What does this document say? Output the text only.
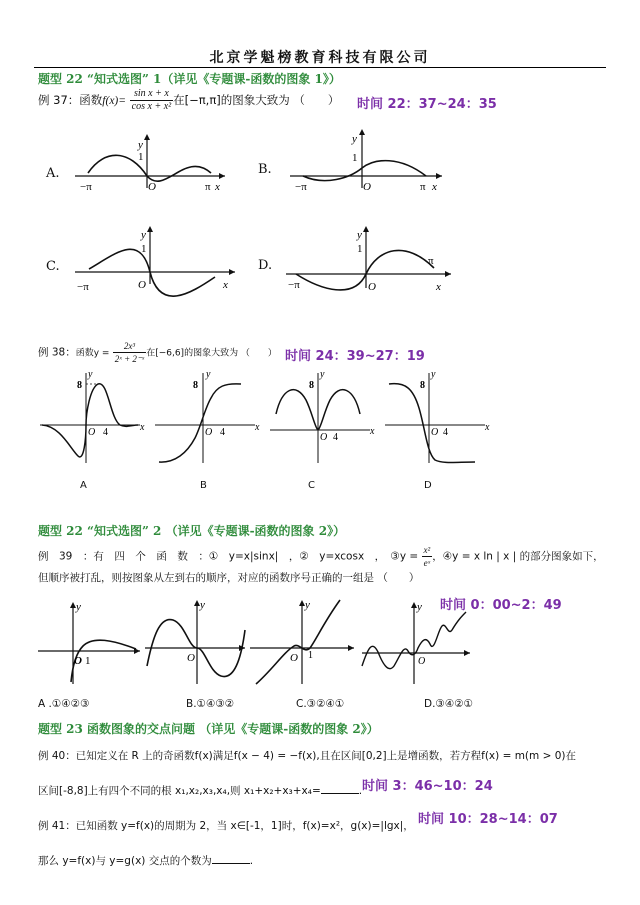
北京学魁榜教育科技有限公司
题型 22 “知式选图” 1（详见《专题课-函数的图象 1》）
例 37：函数$f(x)= \frac{\text{sin x + x}}{\text{cos x + x²}}$ 在[−π,π]的图象大致为 （　　） 时间 22：37~24：35
A.
y
1
−π	O	π x
B.
y
1
−π	O	π x
C.
y
1
−π	O	x
D.
y
1
−π	O
π
x
例 38：函数$y = \frac{\text{2x³}}{\text{2ˣ + 2⁻ˣ}}$ 在[−6,6]的图象大致为 （　　） 时间 24：39~27：19
y
8
O 4	x
A
y
8
O 4	x
B
y
8
O 4
x
C
y
8
O 4	x
D
题型 22 “知式选图” 2 （详见《专题课-函数的图象 2》）
例　39　：有　四　个　函　数　：①　y=x|sinx|　，②　y=xcosx　，　③y = $\frac{\text{x²}}{\text{eˣ}}$ ，④y = x ln | x | 的部分图象如下，
但顺序被打乱，则按图象从左到右的顺序，对应的函数序号正确的一组是 （　　）
时间 0：00~2：49
y
O 1
y
O
y
O 1
y
O
A .①④②③	B.①④③②	C.③②④①	D.③④②①
题型 23 函数图象的交点问题 （详见《专题课-函数的图象 2》）
例 40：已知定义在 R 上的奇函数f(x)满足f(x − 4) = −f(x),且在区间[0,2]上是增函数，若方程f(x) = m(m > 0)在
区间[-8,8]上有四个不同的根 x₁,x₂,x₃,x₄,则 x₁+x₂+x₃+x₄=	. 时间 3：46~10：24
时间 10：28~14：07
例 41：已知函数 y=f(x)的周期为 2，当 x∈[-1，1]时，f(x)=x²，g(x)=|lgx|，
那么 y=f(x)与 y=g(x) 交点的个数为	.
